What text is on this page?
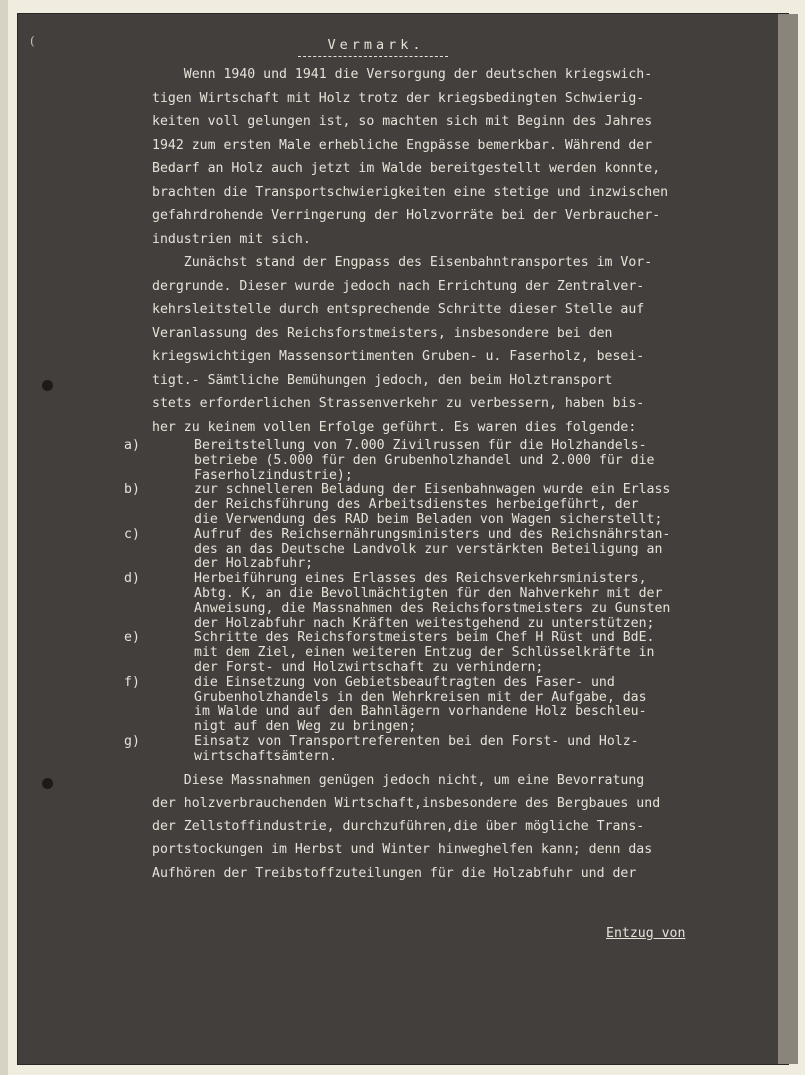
(	Vermark.
Wenn 1940 und 1941 die Versorgung der deutschen kriegswich-
tigen Wirtschaft mit Holz trotz der kriegsbedingten Schwierig-
keiten voll gelungen ist, so machten sich mit Beginn des Jahres
1942 zum ersten Male erhebliche Engpässe bemerkbar. Während der
Bedarf an Holz auch jetzt im Walde bereitgestellt werden konnte,
brachten die Transportschwierigkeiten eine stetige und inzwischen
gefahrdrohende Verringerung der Holzvorräte bei der Verbraucher-
industrien mit sich.
Zunächst stand der Engpass des Eisenbahntransportes im Vor-
dergrunde. Dieser wurde jedoch nach Errichtung der Zentralver-
kehrsleitstelle durch entsprechende Schritte dieser Stelle auf
Veranlassung des Reichsforstmeisters, insbesondere bei den
kriegswichtigen Massensortimenten Gruben- u. Faserholz, besei-
tigt.- Sämtliche Bemühungen jedoch, den beim Holztransport
stets erforderlichen Strassenverkehr zu verbessern, haben bis-
her zu keinem vollen Erfolge geführt. Es waren dies folgende:
a)	Bereitstellung von 7.000 Zivilrussen für die Holzhandels-
betriebe (5.000 für den Grubenholzhandel und 2.000 für die
Faserholzindustrie);
b)	zur schnelleren Beladung der Eisenbahnwagen wurde ein Erlass
der Reichsführung des Arbeitsdienstes herbeigeführt, der
die Verwendung des RAD beim Beladen von Wagen sicherstellt;
c)	Aufruf des Reichsernährungsministers und des Reichsnährstan-
des an das Deutsche Landvolk zur verstärkten Beteiligung an
der Holzabfuhr;
d)	Herbeiführung eines Erlasses des Reichsverkehrsministers,
Abtg. K, an die Bevollmächtigten für den Nahverkehr mit der
Anweisung, die Massnahmen des Reichsforstmeisters zu Gunsten
der Holzabfuhr nach Kräften weitestgehend zu unterstützen;
e)	Schritte des Reichsforstmeisters beim Chef H Rüst und BdE.
mit dem Ziel, einen weiteren Entzug der Schlüsselkräfte in
der Forst- und Holzwirtschaft zu verhindern;
f)	die Einsetzung von Gebietsbeauftragten des Faser- und
Grubenholzhandels in den Wehrkreisen mit der Aufgabe, das
im Walde und auf den Bahnlägern vorhandene Holz beschleu-
nigt auf den Weg zu bringen;
g)	Einsatz von Transportreferenten bei den Forst- und Holz-
wirtschaftsämtern.
Diese Massnahmen genügen jedoch nicht, um eine Bevorratung
der holzverbrauchenden Wirtschaft,insbesondere des Bergbaues und
der Zellstoffindustrie, durchzuführen,die über mögliche Trans-
portstockungen im Herbst und Winter hinweghelfen kann; denn das
Aufhören der Treibstoffzuteilungen für die Holzabfuhr und der
Entzug von
